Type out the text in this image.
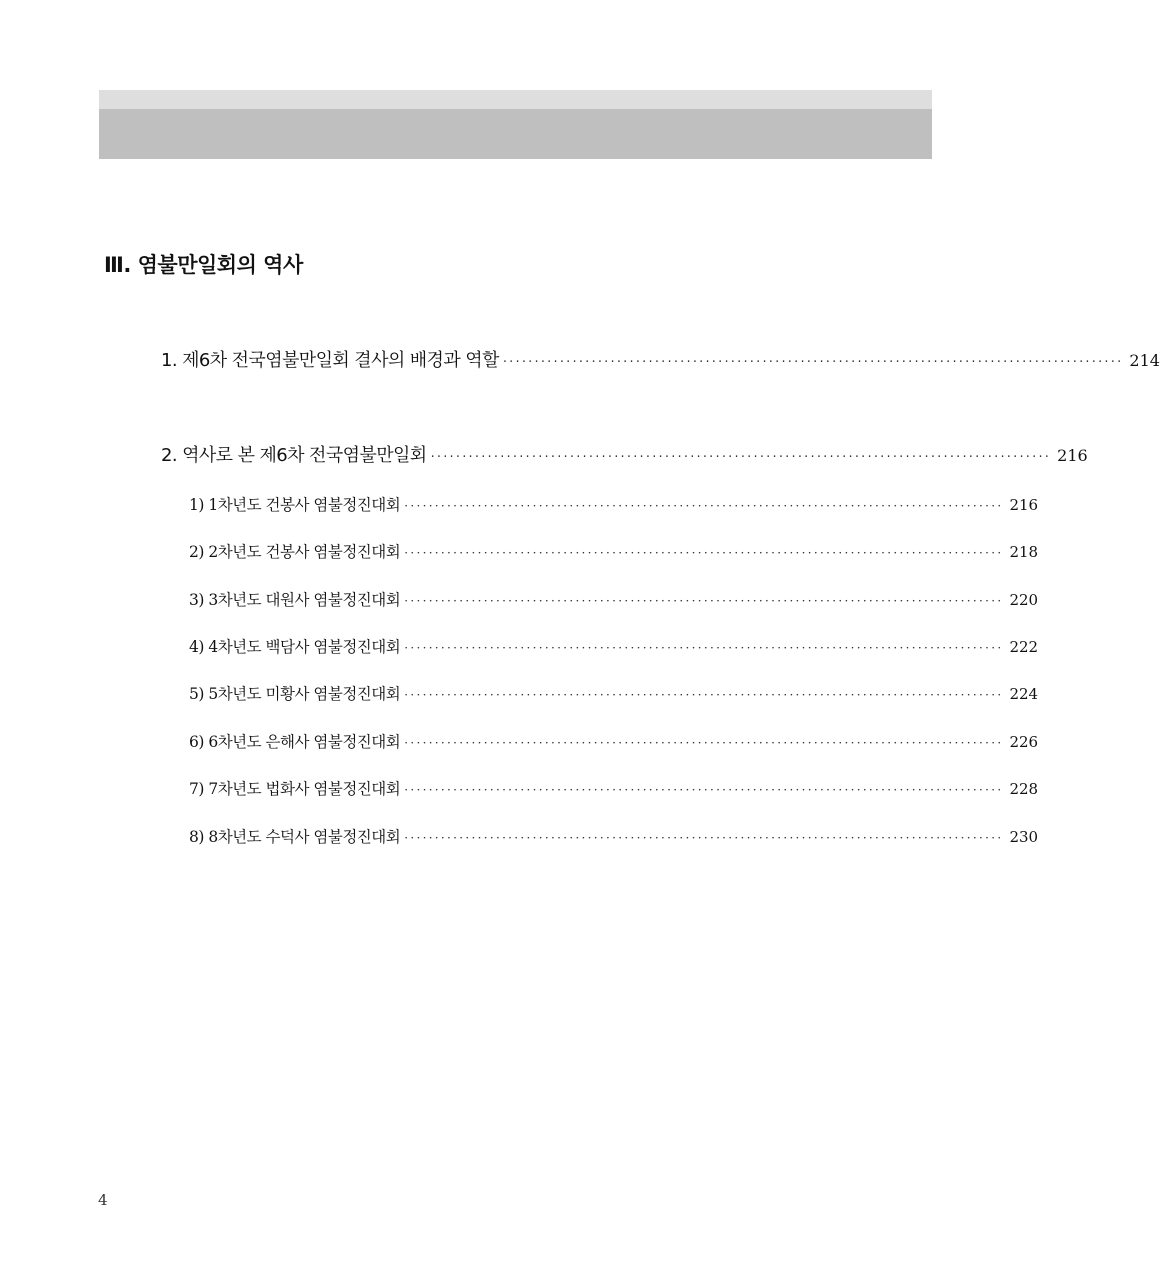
Ⅲ. 염불만일회의 역사
1. 제6차 전국염불만일회 결사의 배경과 역할 ·································································································· 214
2. 역사로 본 제6차 전국염불만일회 ·································································································· 216
1) 1차년도 건봉사 염불정진대회 ·································································································· 216
2) 2차년도 건봉사 염불정진대회 ·································································································· 218
3) 3차년도 대원사 염불정진대회 ·································································································· 220
4) 4차년도 백담사 염불정진대회 ·································································································· 222
5) 5차년도 미황사 염불정진대회 ·································································································· 224
6) 6차년도 은해사 염불정진대회 ·································································································· 226
7) 7차년도 법화사 염불정진대회 ·································································································· 228
8) 8차년도 수덕사 염불정진대회 ·································································································· 230
4
